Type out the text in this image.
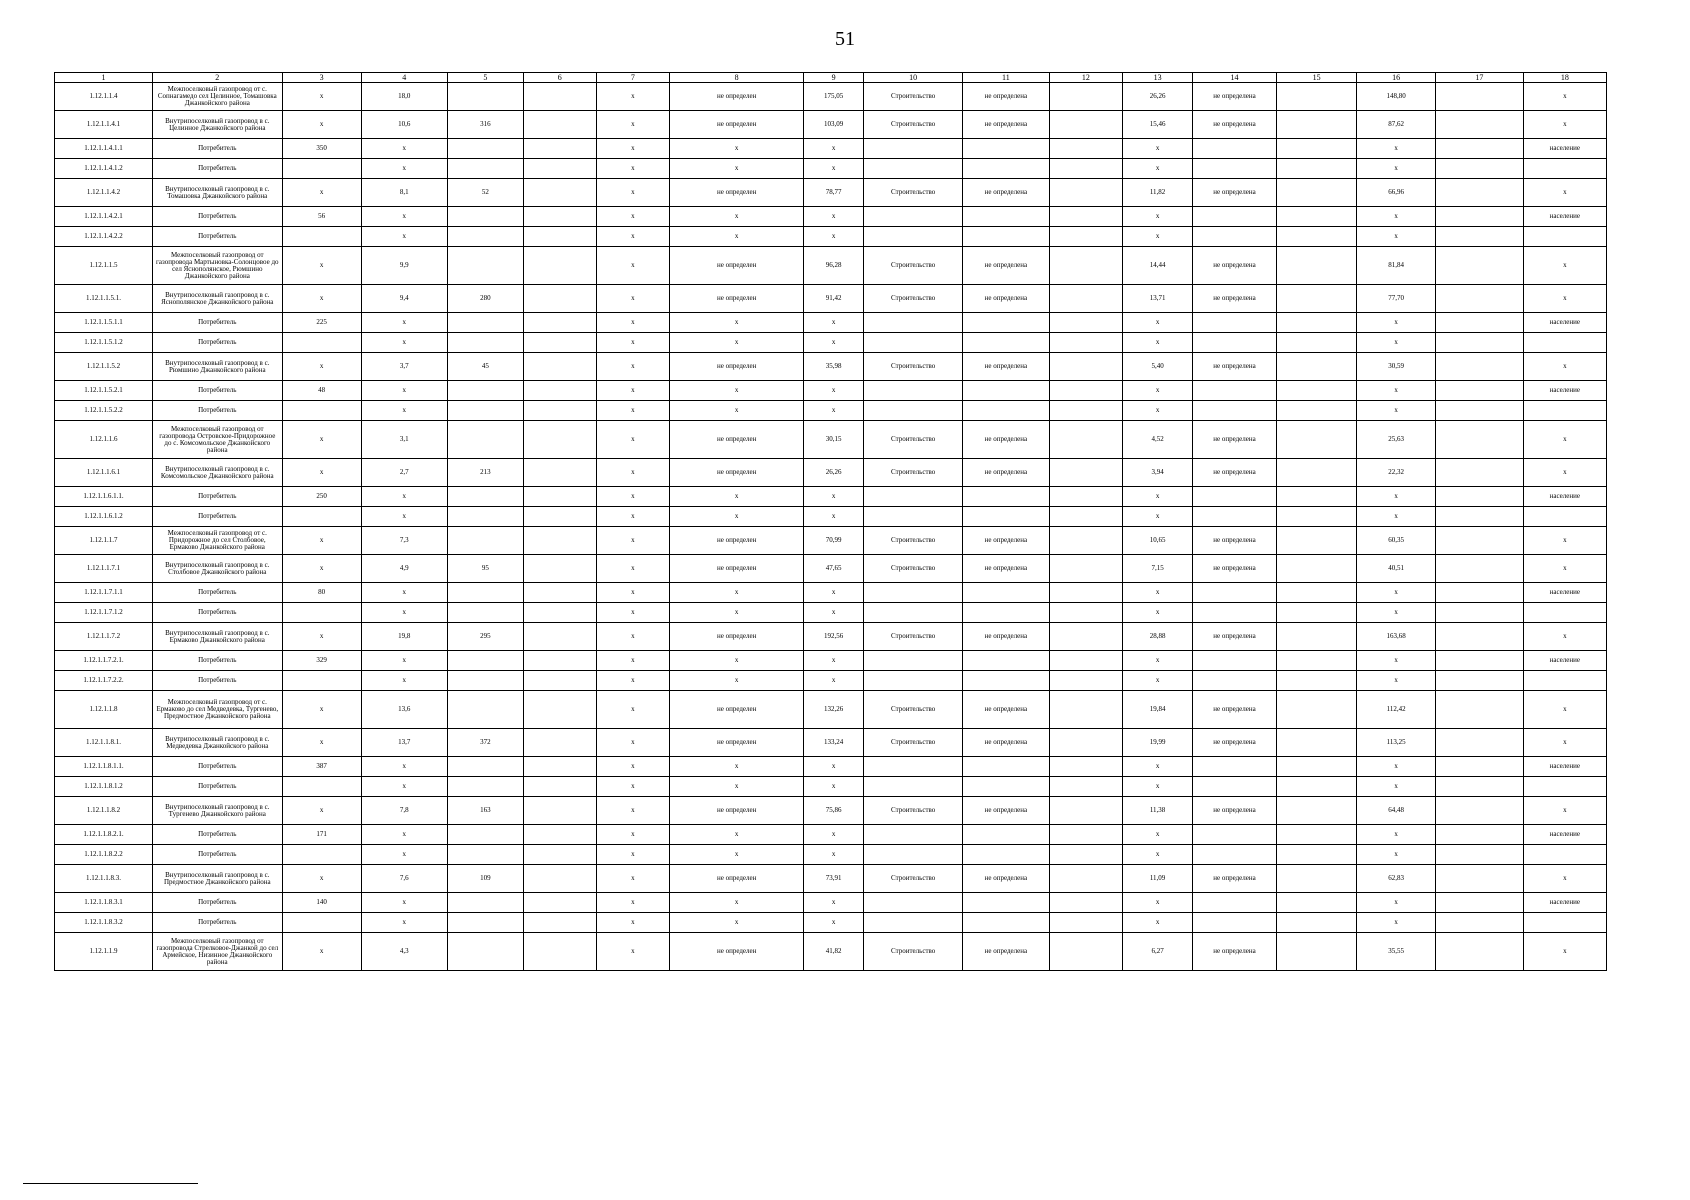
51
1	2	3	4	5	6	7	8	9	10	11	12	13	14	15	16	17	18
1.12.1.1.4	Межпоселковый газопровод от с. Сопнагамедо сел Целинное, Томашовка Джанкойского района	х	18,0			х	не определен	175,05	Строительство	не определена		26,26	не определена		148,80		х
1.12.1.1.4.1	Внутрипоселковый газопровод в с. Целинное Джанкойского района	х	10,6	316		х	не определен	103,09	Строительство	не определена		15,46	не определена		87,62		х
1.12.1.1.4.1.1	Потребитель	350	х			х	х	х				х			х		население
1.12.1.1.4.1.2	Потребитель		х			х	х	х				х			х		
1.12.1.1.4.2	Внутрипоселковый газопровод в с. Томашовка Джанкойского района	х	8,1	52		х	не определен	78,77	Строительство	не определена		11,82	не определена		66,96		х
1.12.1.1.4.2.1	Потребитель	56	х			х	х	х				х			х		население
1.12.1.1.4.2.2	Потребитель		х			х	х	х				х			х		
1.12.1.1.5	Межпоселковый газопровод от газопровода Мартыновка-Солонцовое до сел Яснополянское, Рюмшино Джанкойского района	х	9,9			х	не определен	96,28	Строительство	не определена		14,44	не определена		81,84		х
1.12.1.1.5.1.	Внутрипоселковый газопровод в с. Яснополянское Джанкойского района	х	9,4	280		х	не определен	91,42	Строительство	не определена		13,71	не определена		77,70		х
1.12.1.1.5.1.1	Потребитель	225	х			х	х	х				х			х		население
1.12.1.1.5.1.2	Потребитель		х			х	х	х				х			х		
1.12.1.1.5.2	Внутрипоселковый газопровод в с. Рюмшино Джанкойского района	х	3,7	45		х	не определен	35,98	Строительство	не определена		5,40	не определена		30,59		х
1.12.1.1.5.2.1	Потребитель	48	х			х	х	х				х			х		население
1.12.1.1.5.2.2	Потребитель		х			х	х	х				х			х		
1.12.1.1.6	Межпоселковый газопровод от газопровода Островское-Придорожное до с. Комсомольское Джанкойского района	х	3,1			х	не определен	30,15	Строительство	не определена		4,52	не определена		25,63		х
1.12.1.1.6.1	Внутрипоселковый газопровод в с. Комсомольское Джанкойского района	х	2,7	213		х	не определен	26,26	Строительство	не определена		3,94	не определена		22,32		х
1.12.1.1.6.1.1.	Потребитель	250	х			х	х	х				х			х		население
1.12.1.1.6.1.2	Потребитель		х			х	х	х				х			х		
1.12.1.1.7	Межпоселковый газопровод от с. Придорожное до сел Столбовое, Ермаково Джанкойского района	х	7,3			х	не определен	70,99	Строительство	не определена		10,65	не определена		60,35		х
1.12.1.1.7.1	Внутрипоселковый газопровод в с. Столбовое Джанкойского района	х	4,9	95		х	не определен	47,65	Строительство	не определена		7,15	не определена		40,51		х
1.12.1.1.7.1.1	Потребитель	80	х			х	х	х				х			х		население
1.12.1.1.7.1.2	Потребитель		х			х	х	х				х			х		
1.12.1.1.7.2	Внутрипоселковый газопровод в с. Ермаково Джанкойского района	х	19,8	295		х	не определен	192,56	Строительство	не определена		28,88	не определена		163,68		х
1.12.1.1.7.2.1.	Потребитель	329	х			х	х	х				х			х		население
1.12.1.1.7.2.2.	Потребитель		х			х	х	х				х			х		
1.12.1.1.8	Межпоселковый газопровод от с. Ермаково до сел Медведевка, Тургенево, Предмостное Джанкойского района	х	13,6			х	не определен	132,26	Строительство	не определена		19,84	не определена		112,42		х
1.12.1.1.8.1.	Внутрипоселковый газопровод в с. Медведевка Джанкойского района	х	13,7	372		х	не определен	133,24	Строительство	не определена		19,99	не определена		113,25		х
1.12.1.1.8.1.1.	Потребитель	387	х			х	х	х				х			х		население
1.12.1.1.8.1.2	Потребитель		х			х	х	х				х			х		
1.12.1.1.8.2	Внутрипоселковый газопровод в с. Тургенево Джанкойского района	х	7,8	163		х	не определен	75,86	Строительство	не определена		11,38	не определена		64,48		х
1.12.1.1.8.2.1.	Потребитель	171	х			х	х	х				х			х		население
1.12.1.1.8.2.2	Потребитель		х			х	х	х				х			х		
1.12.1.1.8.3.	Внутрипоселковый газопровод в с. Предмостное Джанкойского района	х	7,6	109		х	не определен	73,91	Строительство	не определена		11,09	не определена		62,83		х
1.12.1.1.8.3.1	Потребитель	140	х			х	х	х				х			х		население
1.12.1.1.8.3.2	Потребитель		х			х	х	х				х			х		
1.12.1.1.9	Межпоселковый газопровод от газопровода Стрелковое-Джанкой до сел Армейское, Низинное Джанкойского района	х	4,3			х	не определен	41,82	Строительство	не определена		6,27	не определена		35,55		х
